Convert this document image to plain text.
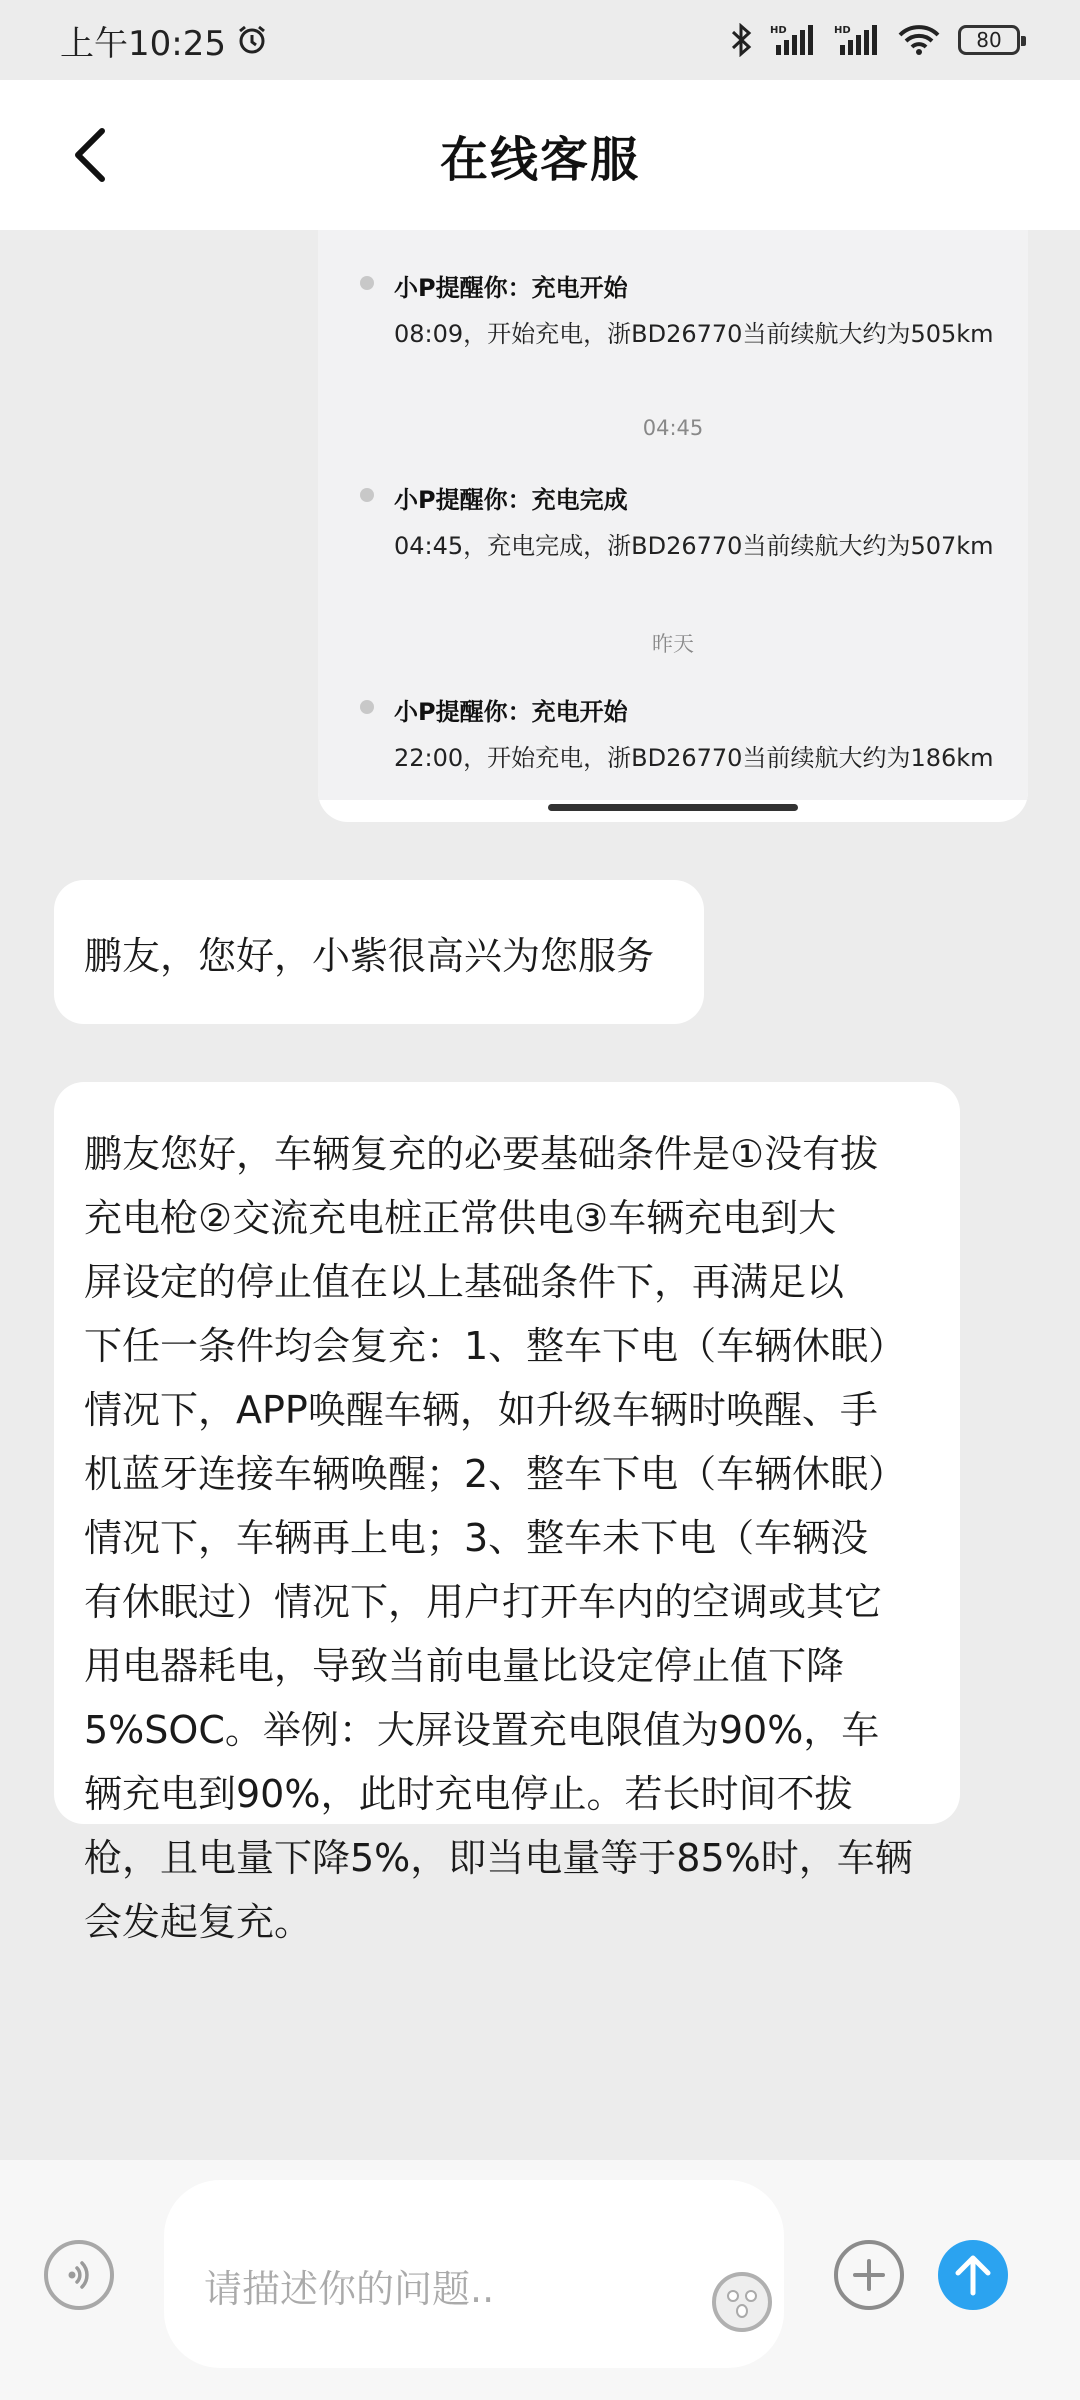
上午10:25	HD	HD	80
在线客服
小P提醒你：充电开始
08:09，开始充电，浙BD26770当前续航大约为505km
04:45
小P提醒你：充电完成
04:45，充电完成，浙BD26770当前续航大约为507km
昨天
小P提醒你：充电开始
22:00，开始充电，浙BD26770当前续航大约为186km
鹏友，您好，小紫很高兴为您服务
鹏友您好，车辆复充的必要基础条件是①没有拔
充电枪②交流充电桩正常供电③车辆充电到大
屏设定的停止值在以上基础条件下，再满足以
下任一条件均会复充：1、整车下电（车辆休眠）
情况下，APP唤醒车辆，如升级车辆时唤醒、手
机蓝牙连接车辆唤醒；2、整车下电（车辆休眠）
情况下，车辆再上电；3、整车未下电（车辆没
有休眠过）情况下，用户打开车内的空调或其它
用电器耗电，导致当前电量比设定停止值下降
5%SOC。举例：大屏设置充电限值为90%，车
辆充电到90%，此时充电停止。若长时间不拔
枪，且电量下降5%，即当电量等于85%时，车辆
会发起复充。
请描述你的问题..
